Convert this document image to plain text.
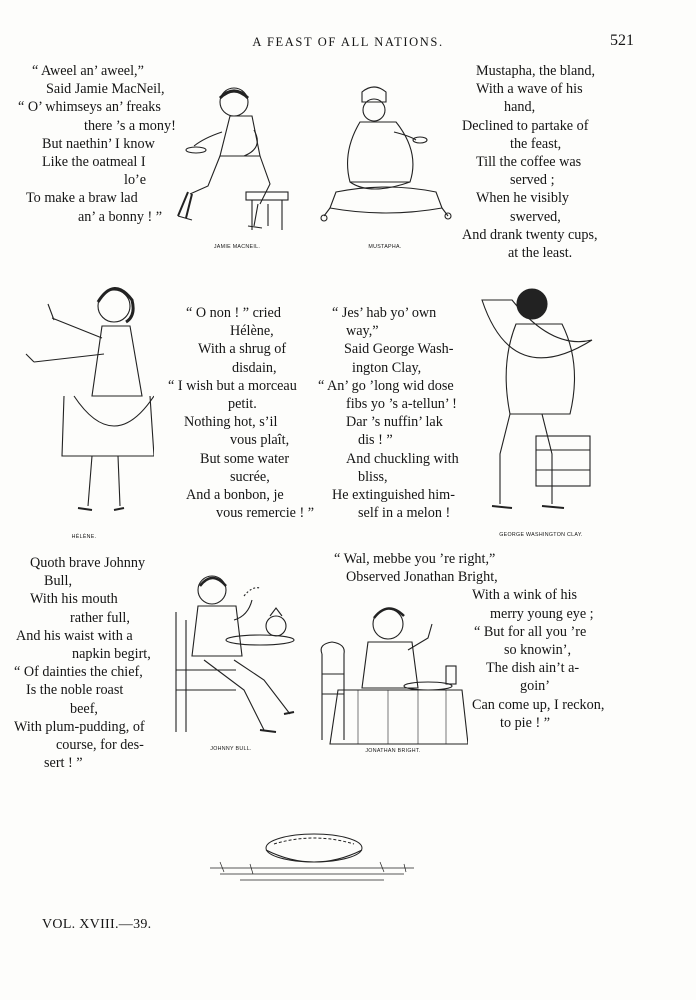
A FEAST OF ALL NATIONS.	521
“ Aweel an’ aweel,”
Said Jamie MacNeil,
“ O’ whimseys an’ freaks
there ’s a mony!
But naethin’ I know
Like the oatmeal I
lo’e
To make a braw lad
an’ a bonny ! ”
JAMIE MACNEIL.	MUSTAPHA.
Mustapha, the bland,
With a wave of his
hand,
Declined to partake of
the feast,
Till the coffee was
served ;
When he visibly
swerved,
And drank twenty cups,
at the least.
HÉLÈNE.
“ O non ! ” cried
Hélène,
With a shrug of
disdain,
“ I wish but a morceau
petit.
Nothing hot, s’il
vous plaît,
But some water
sucrée,
And a bonbon, je
vous remercie ! ”
“ Jes’ hab yo’ own
way,”
Said George Wash-
ington Clay,
“ An’ go ’long wid dose
fibs yo ’s a-tellun’ !
Dar ’s nuffin’ lak
dis ! ”
And chuckling with
bliss,
He extinguished him-
self in a melon !
GEORGE WASHINGTON CLAY.
Quoth brave Johnny
Bull,
With his mouth
rather full,
And his waist with a
napkin begirt,
“ Of dainties the chief,
Is the noble roast
beef,
With plum-pudding, of
course, for des-
sert ! ”
JOHNNY BULL.	JONATHAN BRIGHT.
“ Wal, mebbe you ’re right,”
Observed Jonathan Bright,
With a wink of his
merry young eye ;
“ But for all you ’re
so knowin’,
The dish ain’t a-
goin’
Can come up, I reckon,
to pie ! ”
VOL. XVIII.—39.
